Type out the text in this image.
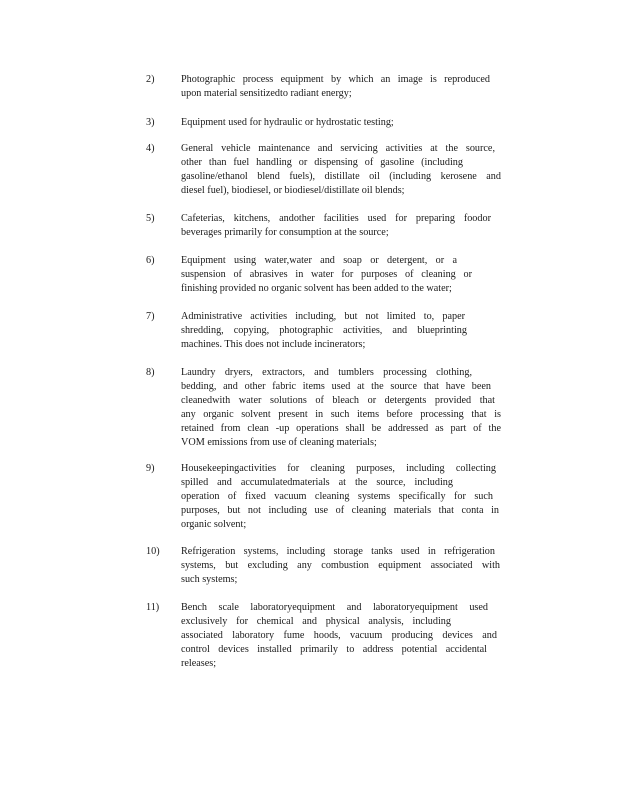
2)	Photographic process equipment by which an image is reproduced
upon material sensitizedto radiant energy;
3)	Equipment used for hydraulic or hydrostatic testing;
4)	General vehicle maintenance and servicing activities at the source,
other than fuel handling or dispensing of gasoline (including
gasoline/ethanol blend fuels), distillate oil (including kerosene and
diesel fuel), biodiesel, or biodiesel/distillate oil blends;
5)	Cafeterias, kitchens, andother facilities used for preparing foodor
beverages primarily for consumption at the source;
6)	Equipment using water,water and soap or detergent, or a
suspension of abrasives in water for purposes of cleaning or
finishing provided no organic solvent has been added to the water;
7)	Administrative activities including, but not limited to, paper
shredding, copying, photographic activities, and blueprinting
machines. This does not include incinerators;
8)	Laundry dryers, extractors, and tumblers processing clothing,
bedding, and other fabric items used at the source that have been
cleanedwith water solutions of bleach or detergents provided that
any organic solvent present in such items before processing that is
retained from clean -up operations shall be addressed as part of the
VOM emissions from use of cleaning materials;
9)	Housekeepingactivities for cleaning purposes, including collecting
spilled and accumulatedmaterials at the source, including
operation of fixed vacuum cleaning systems specifically for such
purposes, but not including use of cleaning materials that conta in
organic solvent;
10) Refrigeration systems, including storage tanks used in refrigeration
systems, but excluding any combustion equipment associated with
such systems;
11) Bench scale laboratoryequipment and laboratoryequipment used
exclusively for chemical and physical analysis, including
associated laboratory fume hoods, vacuum producing devices and
control devices installed primarily to address potential accidental
releases;
